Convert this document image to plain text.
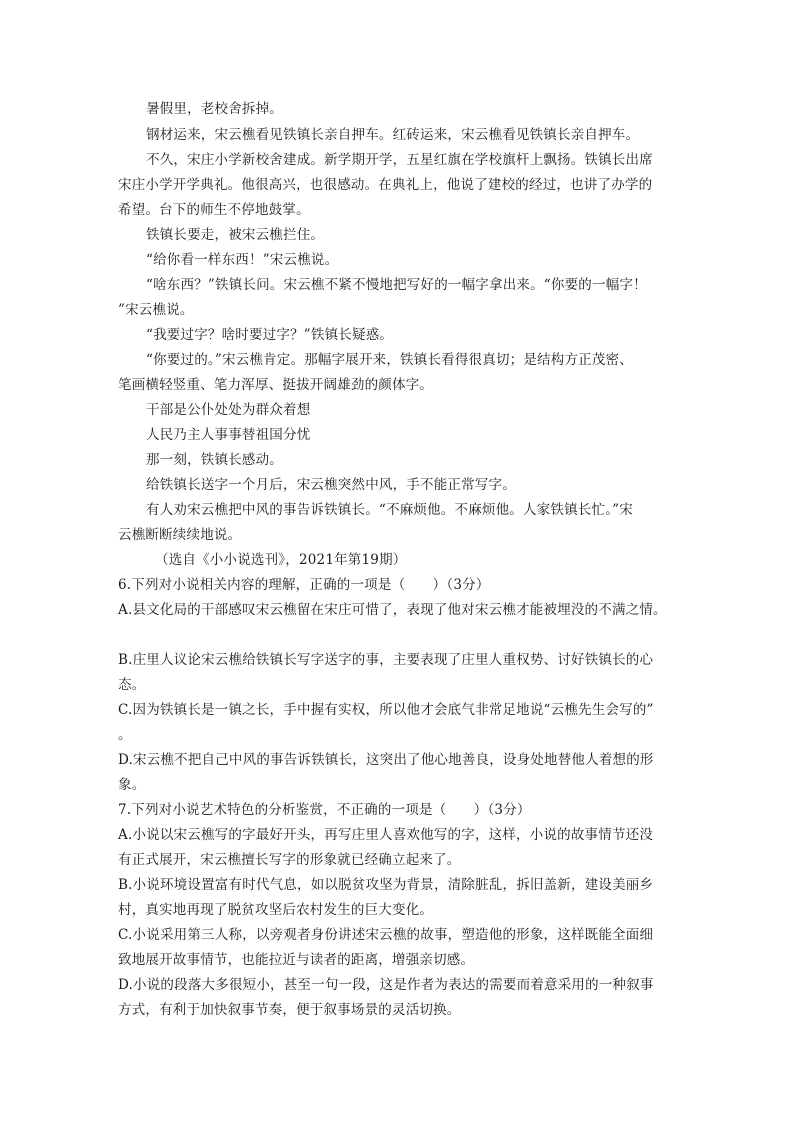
暑假里，老校舍拆掉。
钢材运来，宋云樵看见铁镇长亲自押车。红砖运来，宋云樵看见铁镇长亲自押车。
不久，宋庄小学新校舍建成。新学期开学，五星红旗在学校旗杆上飘扬。铁镇长出席
宋庄小学开学典礼。他很高兴，也很感动。在典礼上，他说了建校的经过，也讲了办学的
希望。台下的师生不停地鼓掌。
铁镇长要走，被宋云樵拦住。
“给你看一样东西！”宋云樵说。
“啥东西？”铁镇长问。宋云樵不紧不慢地把写好的一幅字拿出来。“你要的一幅字！
”宋云樵说。
“我要过字？啥时要过字？”铁镇长疑惑。
“你要过的。”宋云樵肯定。那幅字展开来，铁镇长看得很真切；是结构方正茂密、
笔画横轻竖重、笔力浑厚、挺拔开阔雄劲的颜体字。
干部是公仆处处为群众着想
人民乃主人事事替祖国分忧
那一刻，铁镇长感动。
给铁镇长送字一个月后，宋云樵突然中风，手不能正常写字。
有人劝宋云樵把中风的事告诉铁镇长。“不麻烦他。不麻烦他。人家铁镇长忙。”宋
云樵断断续续地说。
（选自《小小说选刊》，2021年第19期）
6.下列对小说相关内容的理解，正确的一项是（　　）（3分）
A.县文化局的干部感叹宋云樵留在宋庄可惜了，表现了他对宋云樵才能被埋没的不满之情。
B.庄里人议论宋云樵给铁镇长写字送字的事，主要表现了庄里人重权势、讨好铁镇长的心
态。
C.因为铁镇长是一镇之长，手中握有实权，所以他才会底气非常足地说“云樵先生会写的”
。
D.宋云樵不把自己中风的事告诉铁镇长，这突出了他心地善良，设身处地替他人着想的形
象。
7.下列对小说艺术特色的分析鉴赏，不正确的一项是（　　）（3分）
A.小说以宋云樵写的字最好开头，再写庄里人喜欢他写的字，这样，小说的故事情节还没
有正式展开，宋云樵擅长写字的形象就已经确立起来了。
B.小说环境设置富有时代气息，如以脱贫攻坚为背景，清除脏乱，拆旧盖新，建设美丽乡
村，真实地再现了脱贫攻坚后农村发生的巨大变化。
C.小说采用第三人称，以旁观者身份讲述宋云樵的故事，塑造他的形象，这样既能全面细
致地展开故事情节，也能拉近与读者的距离，增强亲切感。
D.小说的段落大多很短小，甚至一句一段，这是作者为表达的需要而着意采用的一种叙事
方式，有利于加快叙事节奏，便于叙事场景的灵活切换。
